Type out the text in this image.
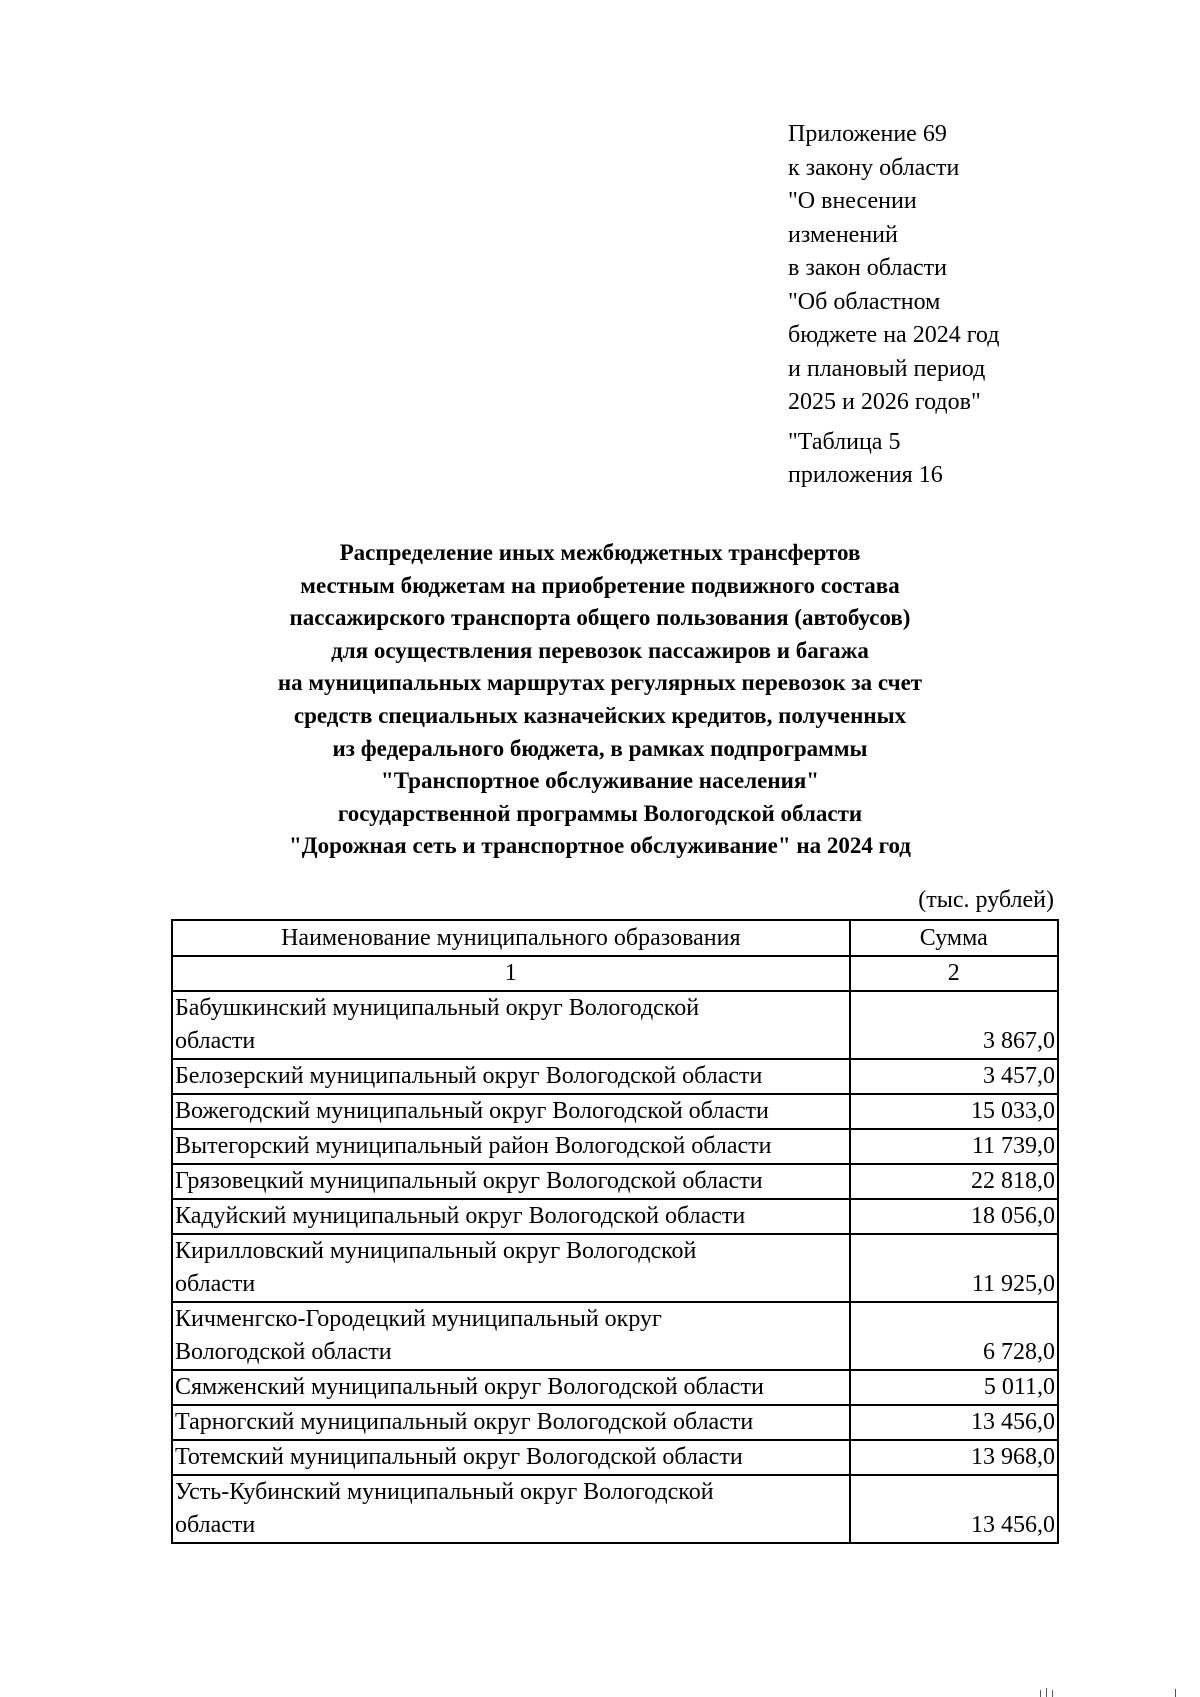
Приложение 69
к закону области
"О внесении
изменений
в закон области
"Об областном
бюджете на 2024 год
и плановый период
2025 и 2026 годов"
"Таблица 5
приложения 16
Распределение иных межбюджетных трансфертов
местным бюджетам на приобретение подвижного состава
пассажирского транспорта общего пользования (автобусов)
для осуществления перевозок пассажиров и багажа
на муниципальных маршрутах регулярных перевозок за счет
средств специальных казначейских кредитов, полученных
из федерального бюджета, в рамках подпрограммы
"Транспортное обслуживание населения"
государственной программы Вологодской области
"Дорожная сеть и транспортное обслуживание" на 2024 год
(тыс. рублей)
Наименование муниципального образования	Сумма
1	2

Бабушкинский муниципальный округ Вологодской
области	3 867,0

Белозерский муниципальный округ Вологодской области	3 457,0

Вожегодский муниципальный округ Вологодской области	15 033,0

Вытегорский муниципальный район Вологодской области	11 739,0

Грязовецкий муниципальный округ Вологодской области	22 818,0

Кадуйский муниципальный округ Вологодской области	18 056,0

Кирилловский муниципальный округ Вологодской
области	11 925,0

Кичменгско-Городецкий муниципальный округ
Вологодской области	6 728,0

Сямженский муниципальный округ Вологодской области	5 011,0

Тарногский муниципальный округ Вологодской области	13 456,0

Тотемский муниципальный округ Вологодской области	13 968,0

Усть-Кубинский муниципальный округ Вологодской
области	13 456,0
